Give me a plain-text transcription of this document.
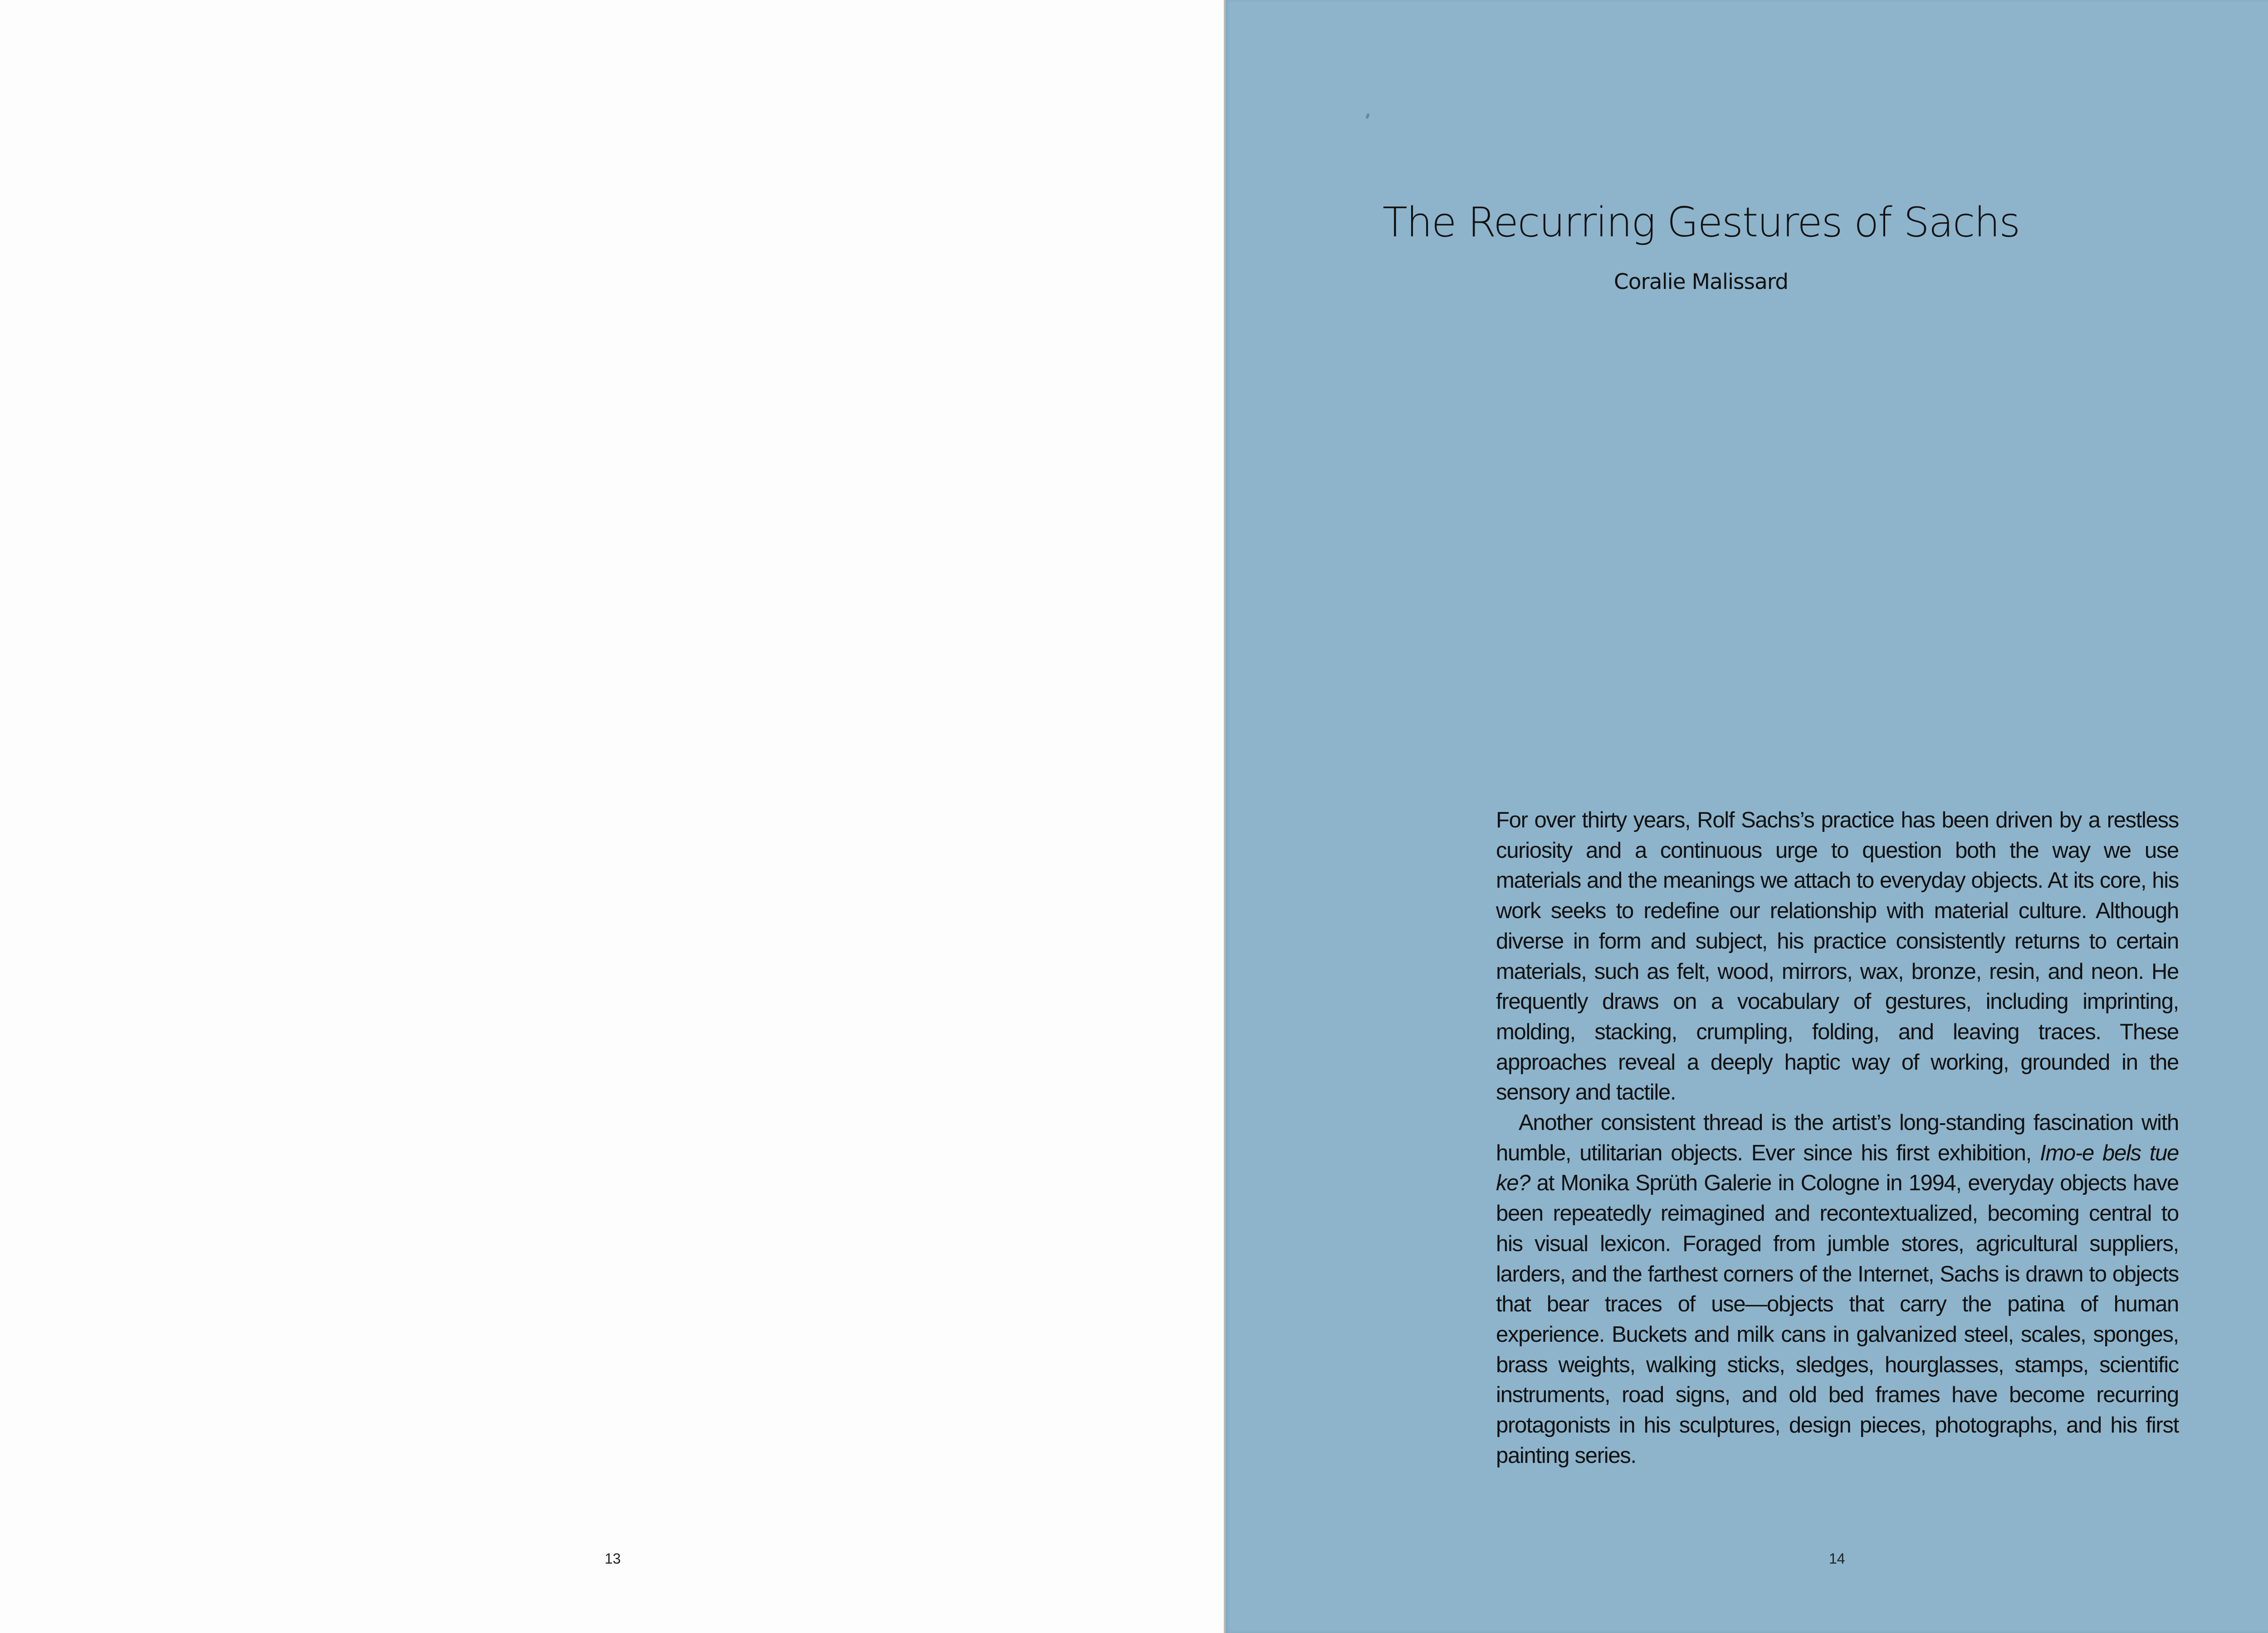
13
The Recurring Gestures of Sachs
Coralie Malissard

For over thirty years, Rolf Sachs’s practice has been driven by a restless curiosity and a continuous urge to question both the way we use materials and the meanings we attach to everyday objects. At its core, his work seeks to redefine our relationship with material culture. Although diverse in form and subject, his practice consistently returns to certain materials, such as felt, wood, mirrors, wax, bronze, resin, and neon. He frequently draws on a vocabulary of gestures, including imprinting, molding, stacking, crumpling, folding, and leaving traces. These approaches reveal a deeply haptic way of working, grounded in the sensory and tactile.

Another consistent thread is the artist’s long-standing fascination with humble, utilitarian objects. Ever since his first exhibition, Imo-e bels tue ke? at Monika Sprüth Galerie in Cologne in 1994, everyday objects have been repeatedly reimagined and recontextualized, becoming central to his visual lexicon. Foraged from jumble stores, agricultural suppliers, larders, and the farthest corners of the Internet, Sachs is drawn to objects that bear traces of use—objects that carry the patina of human experience. Buckets and milk cans in galvanized steel, scales, sponges, brass weights, walking sticks, sledges, hourglasses, stamps, scientific instruments, road signs, and old bed frames have become recurring protagonists in his sculptures, design pieces, photographs, and his first painting series.

14
